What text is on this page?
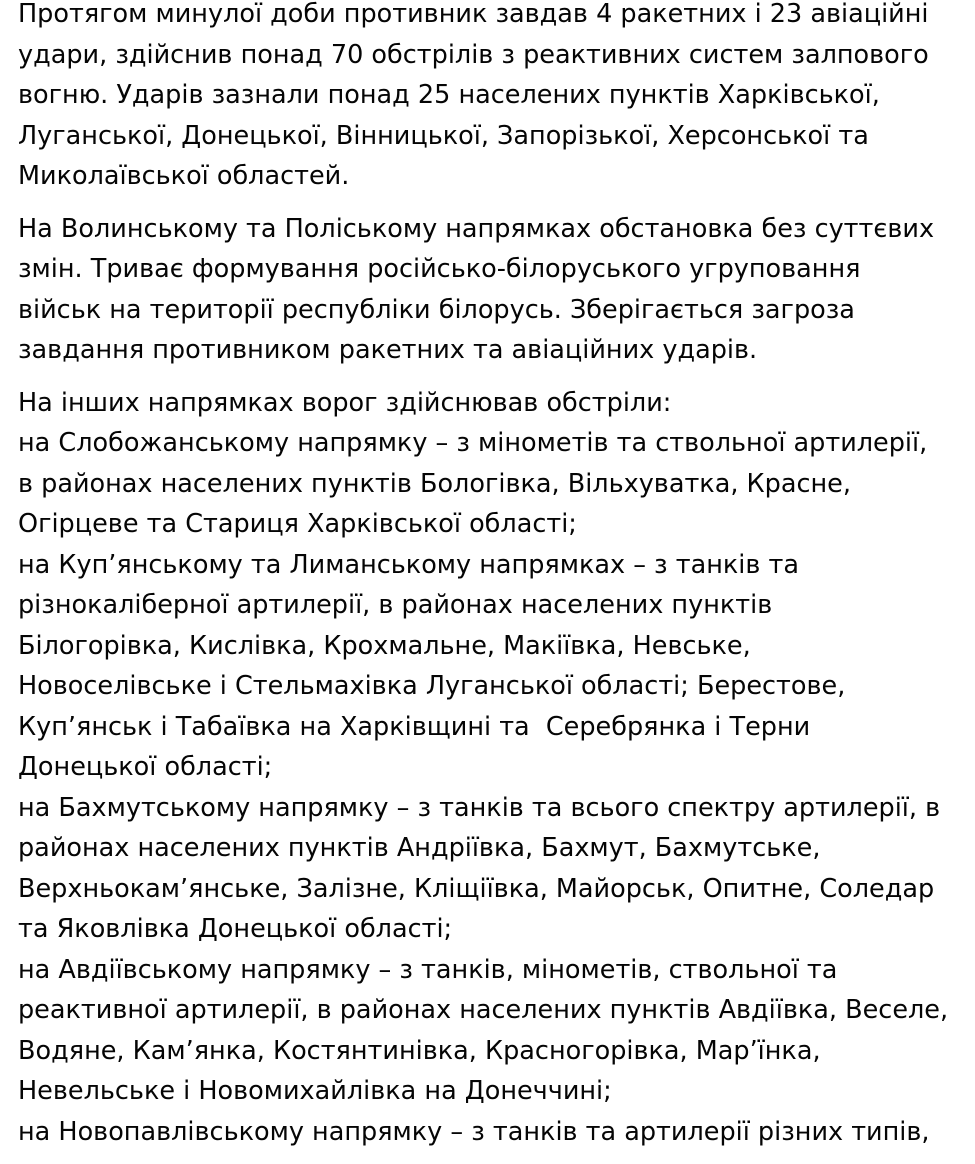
Протягом минулої доби противник завдав 4 ракетних і 23 авіаційні
удари, здійснив понад 70 обстрілів з реактивних систем залпового
вогню. Ударів зазнали понад 25 населених пунктів Харківської,
Луганської, Донецької, Вінницької, Запорізької, Херсонської та
Миколаївської областей.
На Волинському та Поліському напрямках обстановка без суттєвих
змін. Триває формування російсько-білоруського угруповання
військ на території республіки білорусь. Зберігається загроза
завдання противником ракетних та авіаційних ударів.
На інших напрямках ворог здійснював обстріли:
на Слобожанському напрямку – з мінометів та ствольної артилерії,
в районах населених пунктів Бологівка, Вільхуватка, Красне,
Огірцеве та Стариця Харківської області;
на Куп’янському та Лиманському напрямках – з танків та
різнокаліберної артилерії, в районах населених пунктів
Білогорівка, Кислівка, Крохмальне, Макіївка, Невське,
Новоселівське і Стельмахівка Луганської області; Берестове,
Куп’янськ і Табаївка на Харківщині та  Серебрянка і Терни
Донецької області;
на Бахмутському напрямку – з танків та всього спектру артилерії, в
районах населених пунктів Андріївка, Бахмут, Бахмутське,
Верхньокам’янське, Залізне, Кліщіївка, Майорськ, Опитне, Соледар
та Яковлівка Донецької області;
на Авдіївському напрямку – з танків, мінометів, ствольної та
реактивної артилерії, в районах населених пунктів Авдіївка, Веселе,
Водяне, Кам’янка, Костянтинівка, Красногорівка, Мар’їнка,
Невельське і Новомихайлівка на Донеччині;
на Новопавлівському напрямку – з танків та артилерії різних типів,
